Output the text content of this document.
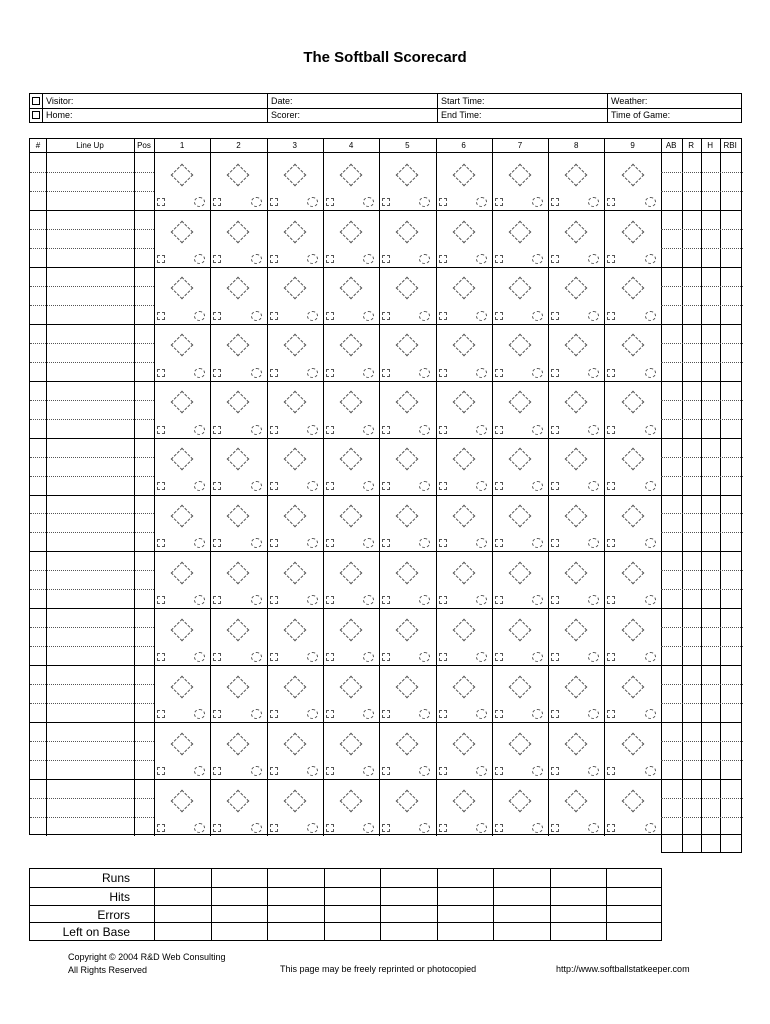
The Softball Scorecard
Visitor:	Date:	Start Time:	Weather:
Home:	Scorer:	End Time:	Time of Game:
#	Line Up	Pos	1	2	3	4	5	6	7	8	9	AB	R	H	RBI
Runs
Hits
Errors
Left on Base
Copyright © 2004 R&D Web Consulting
All Rights Reserved	This page may be freely reprinted or photocopied	http://www.softballstatkeeper.com
